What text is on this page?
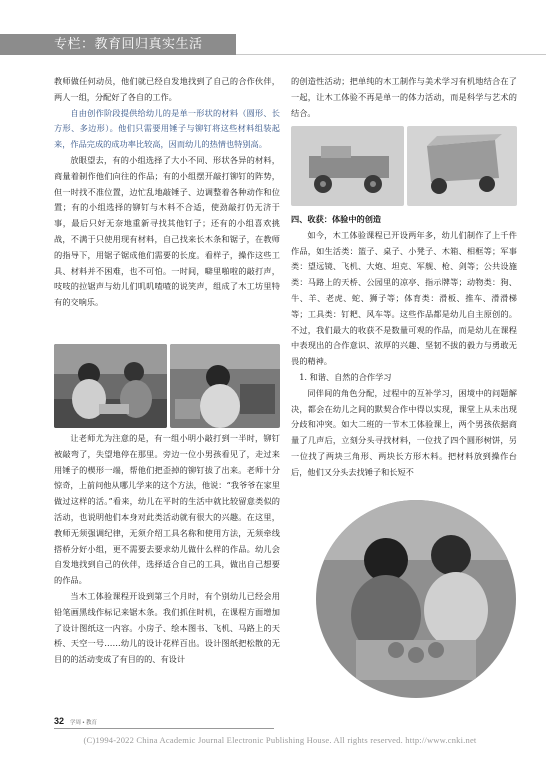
专栏：教育回归真实生活

教师做任何动员，他们就已经自发地找到了自己的合作伙伴，两人一组，分配好了各自的工作。

自由创作阶段提供给幼儿的是单一形状的材料（圆形、长方形、多边形）。他们只需要用锤子与铆钉将这些材料组装起来，作品完成的成功率比较高，因而幼儿的热情也特别高。

放眼望去，有的小组选择了大小不同、形状各异的材料，商量着制作他们向往的作品；有的小组摆开敲打铆钉的阵势，但一时找不准位置，边忙乱地敲锤子、边调整着各种动作和位置；有的小组选择的铆钉与木料不合适，使劲敲打仍无济于事，最后只好无奈地重新寻找其他钉子；还有的小组喜欢挑战，不满于只使用现有材料，自己找来长木条和锯子，在教师的指导下，用锯子锯成他们需要的长度。看样子，操作这些工具、材料并不困难，也不可怕。一时间，噼里啪啦的敲打声，吱吱的拉锯声与幼儿们叽叽喳喳的说笑声，组成了木工坊里特有的交响乐。

让老师尤为注意的是，有一组小明小敲打到一半时，铆钉被敲弯了，失望地停在那里。旁边一位小男孩看见了，走过来用锤子的楔形一端，帮他们把歪掉的铆钉拔了出来。老师十分惊奇，上前问他从哪儿学来的这个方法，他说：“我爷爷在家里做过这样的活。”看来，幼儿在平时的生活中就比较留意类似的活动，也说明他们本身对此类活动就有很大的兴趣。在这里，教师无须强调纪律，无须介绍工具名称和使用方法，无须牵线搭桥分好小组，更不需要去要求幼儿做什么样的作品。幼儿会自发地找到自己的伙伴，选择适合自己的工具，做出自己想要的作品。

当木工体验课程开设到第三个月时，有个别幼儿已经会用铅笔画黑线作标记来锯木条。我们抓住时机，在课程方面增加了设计图纸这一内容。小房子、绘本图书、飞机、马路上的天桥、天空一号……幼儿的设计花样百出。设计图纸把松散的无目的的活动变成了有目的的、有设计

的创造性活动；把单纯的木工制作与美术学习有机地结合在了一起，让木工体验不再是单一的体力活动，而是科学与艺术的结合。

四、收获：体验中的创造

如今，木工体验课程已开设两年多，幼儿们制作了上千件作品，如生活类：篮子、桌子、小凳子、木箱、相框等；军事类：望远镜、飞机、大炮、坦克、军舰、枪、剑等；公共设施类：马路上的天桥、公园里的凉亭、指示牌等；动物类：狗、牛、羊、老虎、蛇、狮子等；体育类：滑板、推车、滑滑梯等；工具类：钉耙、风车等。这些作品都是幼儿自主原创的。不过，我们最大的收获不是数量可观的作品，而是幼儿在课程中表现出的合作意识、浓厚的兴趣、坚韧不拔的毅力与勇敢无畏的精神。

1. 和谐、自然的合作学习

同伴间的角色分配，过程中的互补学习，困境中的问题解决，都会在幼儿之间的默契合作中得以实现，课堂上从未出现分歧和冲突。如大二班的一节木工体验课上，两个男孩依据商量了几声后，立刻分头寻找材料，一位找了四个圆形树饼，另一位找了两块三角形、两块长方形木料。把材料放到操作台后，他们又分头去找锤子和长短不

32 学周 • 教育
(C)1994-2022 China Academic Journal Electronic Publishing House. All rights reserved. http://www.cnki.net
